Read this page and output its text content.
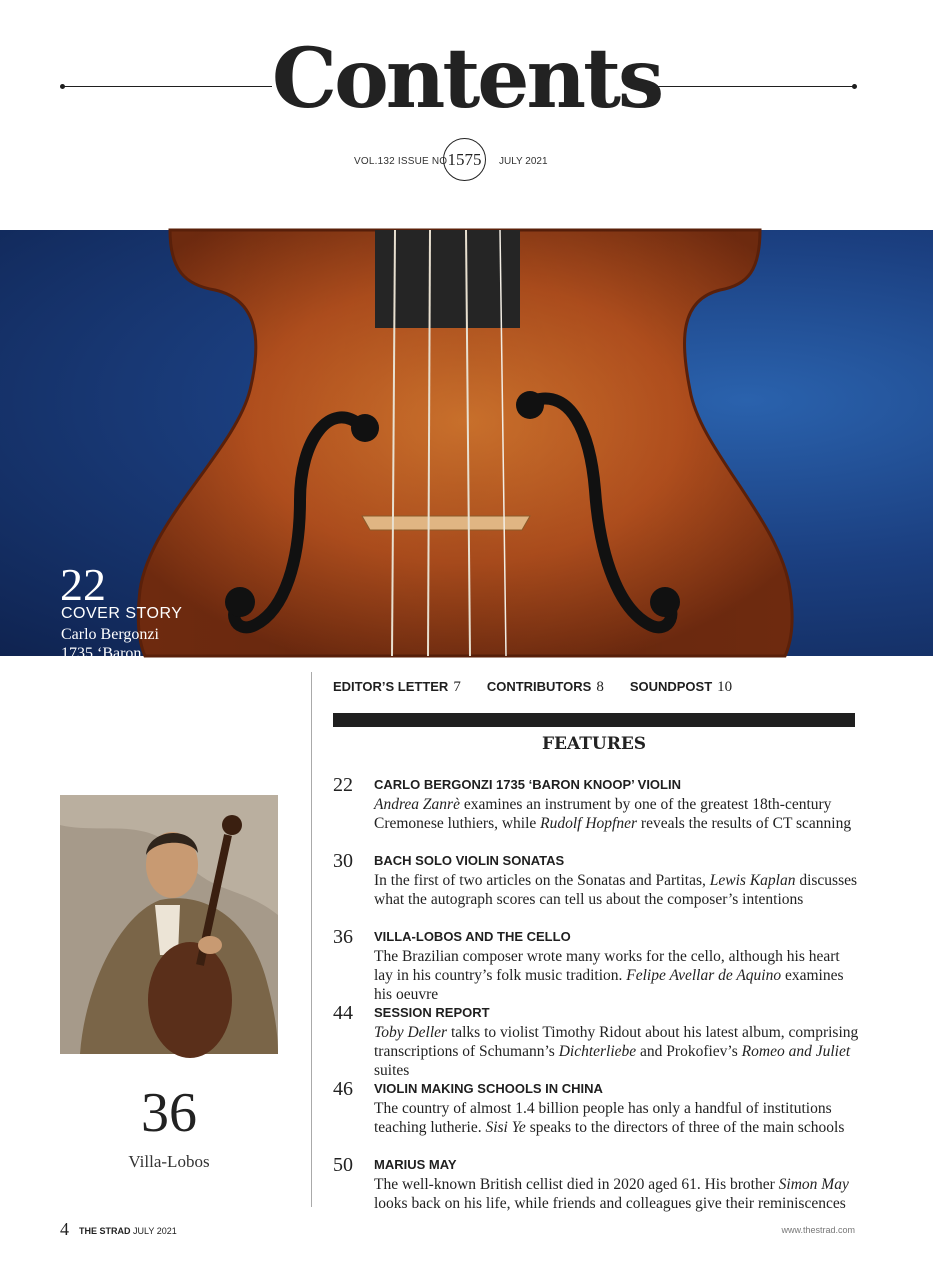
Contents
VOL.132 ISSUE NO 1575	JULY 2021
22
COVER STORY
Carlo Bergonzi 1735 ‘Baron Knoop’ violin
36
Villa-Lobos
EDITOR’S LETTER 7 CONTRIBUTORS 8 SOUNDPOST 10
FEATURES
22 CARLO BERGONZI 1735 ‘BARON KNOOP’ VIOLIN
Andrea Zanrè examines an instrument by one of the greatest 18th-century Cremonese luthiers, while Rudolf Hopfner reveals the results of CT scanning
30 BACH SOLO VIOLIN SONATAS
In the first of two articles on the Sonatas and Partitas, Lewis Kaplan discusses what the autograph scores can tell us about the composer’s intentions
36 VILLA-LOBOS AND THE CELLO
The Brazilian composer wrote many works for the cello, although his heart lay in his country’s folk music tradition. Felipe Avellar de Aquino examines his oeuvre
44 SESSION REPORT
Toby Deller talks to violist Timothy Ridout about his latest album, comprising transcriptions of Schumann’s Dichterliebe and Prokofiev’s Romeo and Juliet suites
46 VIOLIN MAKING SCHOOLS IN CHINA
The country of almost 1.4 billion people has only a handful of institutions teaching lutherie. Sisi Ye speaks to the directors of three of the main schools
50 MARIUS MAY
The well-known British cellist died in 2020 aged 61. His brother Simon May looks back on his life, while friends and colleagues give their reminiscences
4 THE STRAD JULY 2021	www.thestrad.com
